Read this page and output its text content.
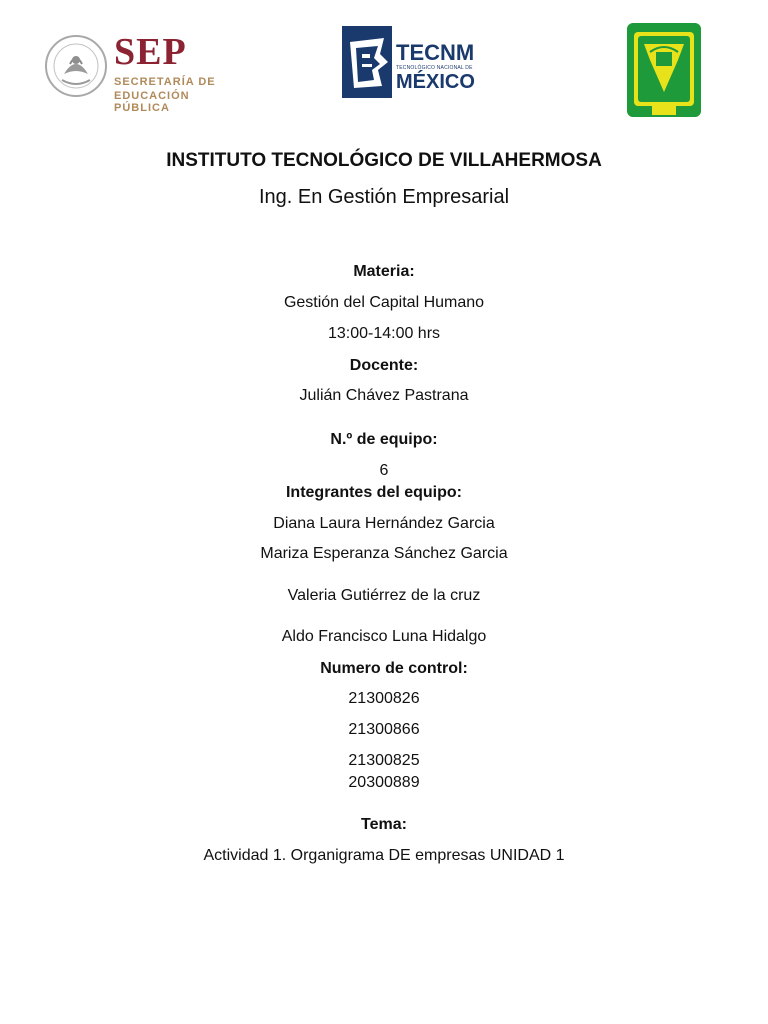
SEP
SECRETARÍA DE
EDUCACIÓN PÚBLICA
TECNM
TECNOLÓGICO NACIONAL DE
MÉXICO
INSTITUTO TECNOLÓGICO DE VILLAHERMOSA
Ing. En Gestión Empresarial
Materia:
Gestión del Capital Humano
13:00-14:00 hrs
Docente:
Julián Chávez Pastrana
N.º de equipo:
6
Integrantes del equipo:
Diana Laura Hernández Garcia
Mariza Esperanza Sánchez Garcia
Valeria Gutiérrez de la cruz
Aldo Francisco Luna Hidalgo
Numero de control:
21300826
21300866
21300825
20300889
Tema:
Actividad 1. Organigrama DE empresas UNIDAD 1
